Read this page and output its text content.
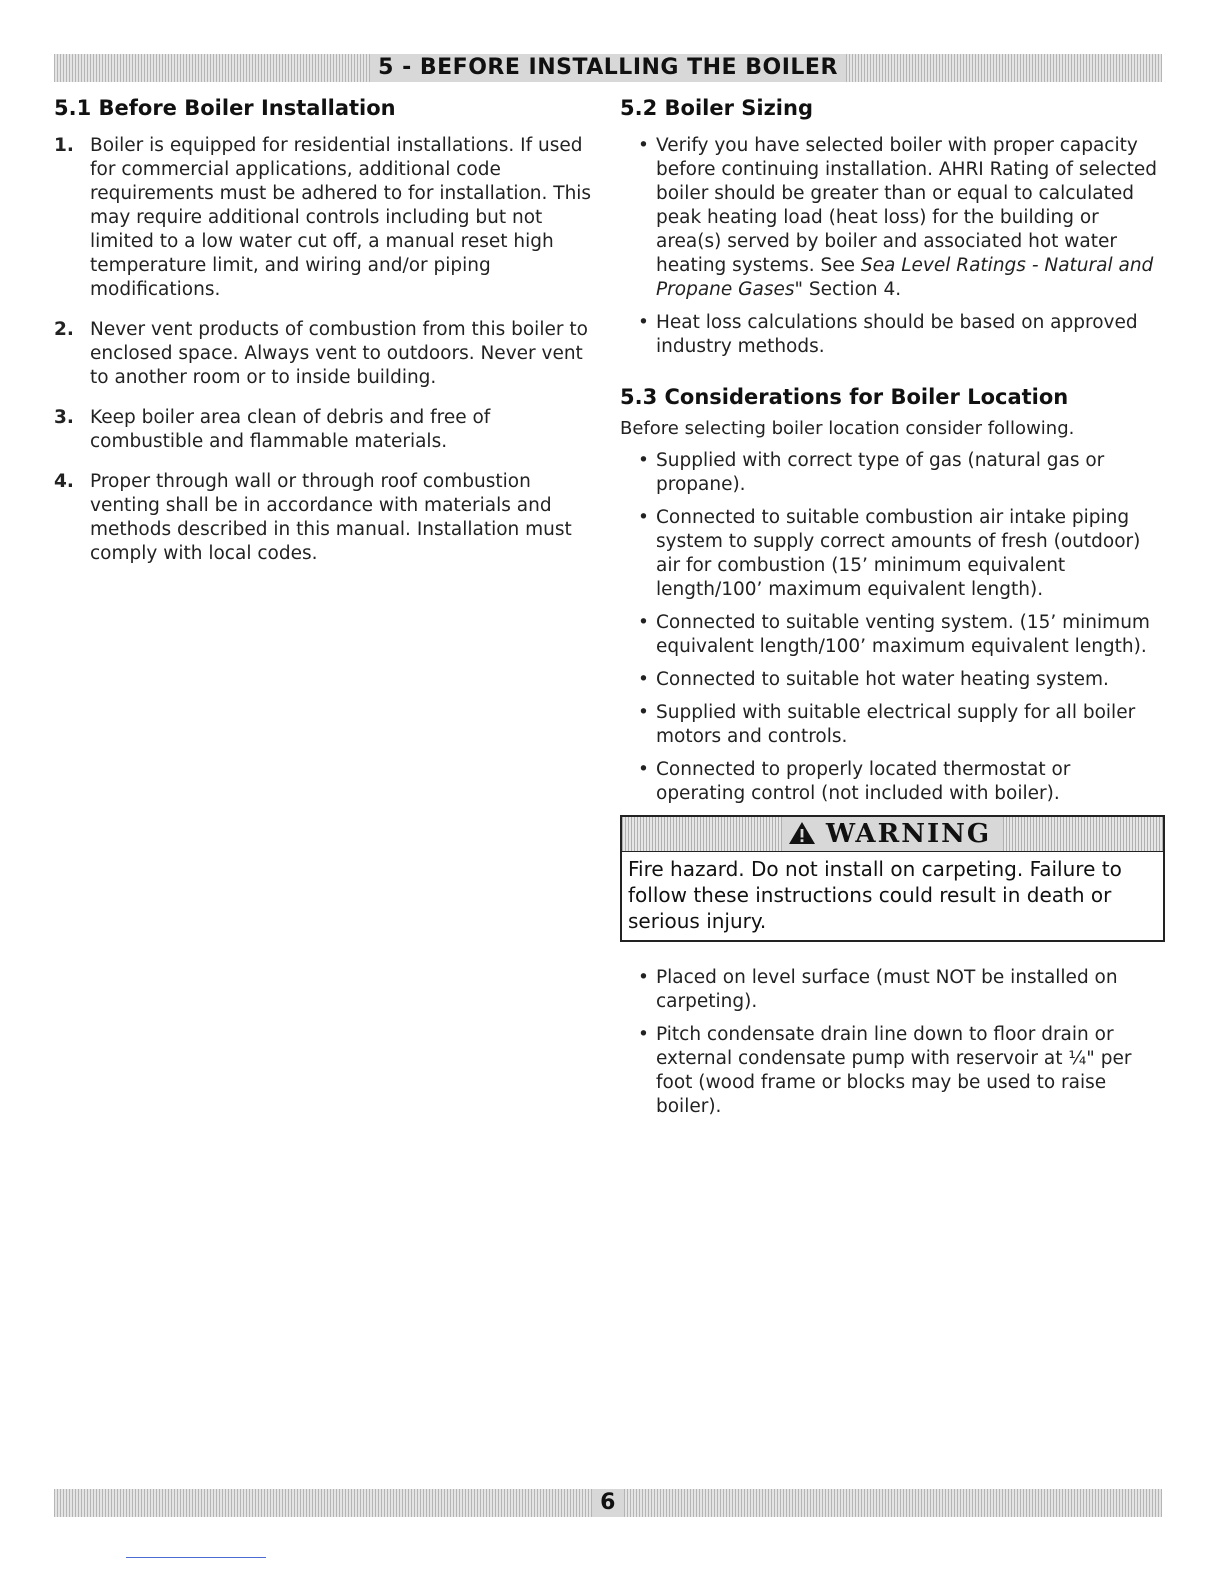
5 - BEFORE INSTALLING THE BOILER
5.1 Before Boiler Installation
1. Boiler is equipped for residential installations. If used for commercial applications, additional code requirements must be adhered to for installation. This may require additional controls including but not limited to a low water cut off, a manual reset high temperature limit, and wiring and/or piping modifications.
2. Never vent products of combustion from this boiler to enclosed space. Always vent to outdoors. Never vent to another room or to inside building.
3. Keep boiler area clean of debris and free of combustible and flammable materials.
4. Proper through wall or through roof combustion venting shall be in accordance with materials and methods described in this manual. Installation must comply with local codes.
5.2 Boiler Sizing
• Verify you have selected boiler with proper capacity before continuing installation. AHRI Rating of selected boiler should be greater than or equal to calculated peak heating load (heat loss) for the building or area(s) served by boiler and associated hot water heating systems. See Sea Level Ratings - Natural and Propane Gases" Section 4.
• Heat loss calculations should be based on approved industry methods.
5.3 Considerations for Boiler Location
Before selecting boiler location consider following.
• Supplied with correct type of gas (natural gas or propane).
• Connected to suitable combustion air intake piping system to supply correct amounts of fresh (outdoor) air for combustion (15’ minimum equivalent length/100’ maximum equivalent length).
• Connected to suitable venting system. (15’ minimum equivalent length/100’ maximum equivalent length).
• Connected to suitable hot water heating system.
• Supplied with suitable electrical supply for all boiler motors and controls.
• Connected to properly located thermostat or operating control (not included with boiler).
WARNING
Fire hazard. Do not install on carpeting. Failure to follow these instructions could result in death or serious injury.
• Placed on level surface (must NOT be installed on carpeting).
• Pitch condensate drain line down to floor drain or external condensate pump with reservoir at ¼" per foot (wood frame or blocks may be used to raise boiler).
6
